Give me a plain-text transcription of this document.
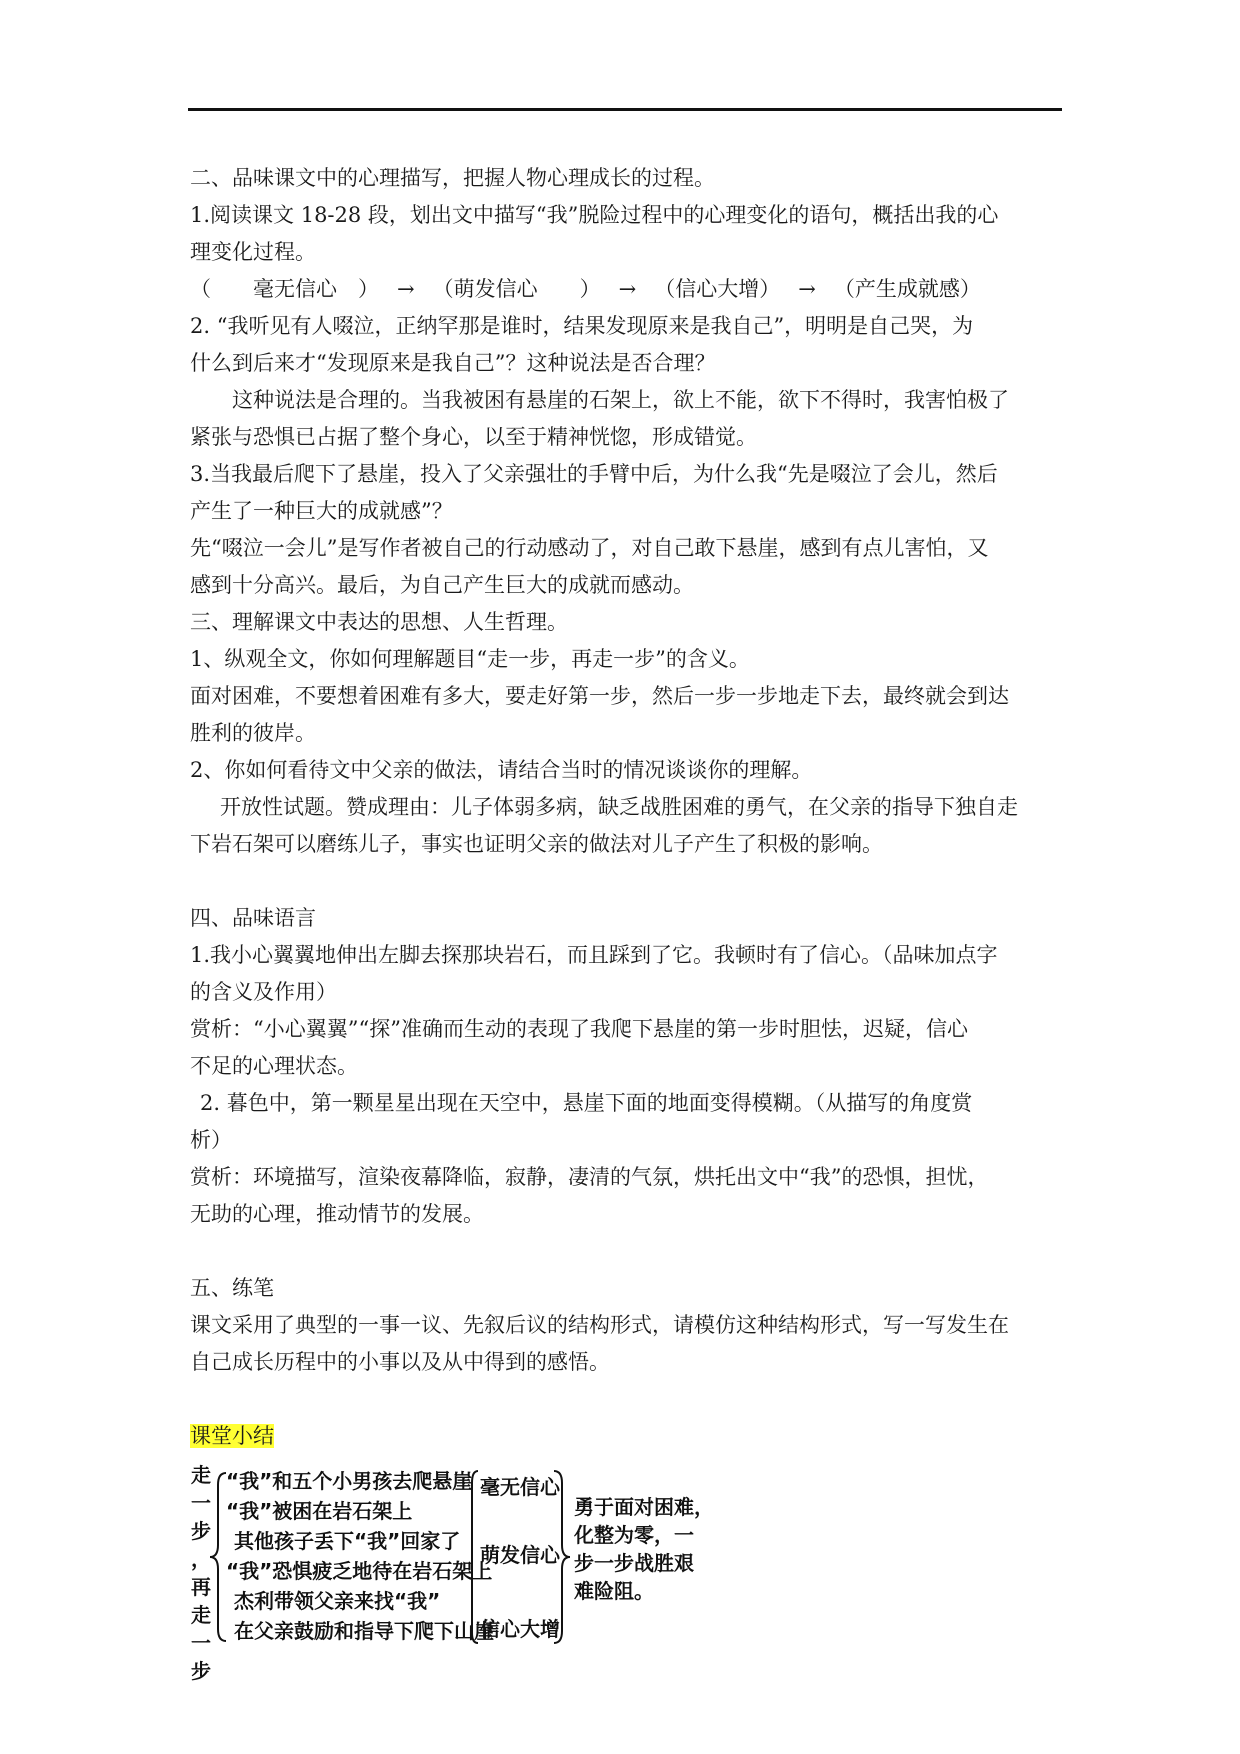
二、品味课文中的心理描写，把握人物心理成长的过程。

1.阅读课文 18-28 段，划出文中描写“我”脱险过程中的心理变化的语句，概括出我的心

理变化过程。

（　　毫无信心　） → （萌发信心　　） → （信心大增） → （产生成就感）

2. “我听见有人啜泣，正纳罕那是谁时，结果发现原来是我自己”，明明是自己哭，为

什么到后来才“发现原来是我自己”？这种说法是否合理？

这种说法是合理的。当我被困有悬崖的石架上，欲上不能，欲下不得时，我害怕极了

紧张与恐惧已占据了整个身心，以至于精神恍惚，形成错觉。

3.当我最后爬下了悬崖，投入了父亲强壮的手臂中后，为什么我“先是啜泣了会儿，然后

产生了一种巨大的成就感”？

先“啜泣一会儿”是写作者被自己的行动感动了，对自己敢下悬崖，感到有点儿害怕，又

感到十分高兴。最后，为自己产生巨大的成就而感动。

三、理解课文中表达的思想、人生哲理。

1、纵观全文，你如何理解题目“走一步，再走一步”的含义。

面对困难，不要想着困难有多大，要走好第一步，然后一步一步地走下去，最终就会到达

胜利的彼岸。

2、你如何看待文中父亲的做法，请结合当时的情况谈谈你的理解。

开放性试题。赞成理由：儿子体弱多病，缺乏战胜困难的勇气，在父亲的指导下独自走

下岩石架可以磨练儿子，事实也证明父亲的做法对儿子产生了积极的影响。

四、品味语言

1.我小心翼翼地伸出左脚去探那块岩石，而且踩到了它。我顿时有了信心。（品味加点字

的含义及作用）

赏析：“小心翼翼”“探”准确而生动的表现了我爬下悬崖的第一步时胆怯，迟疑，信心

不足的心理状态。

2. 暮色中，第一颗星星出现在天空中，悬崖下面的地面变得模糊。（从描写的角度赏

析）

赏析：环境描写，渲染夜幕降临，寂静，凄清的气氛，烘托出文中“我”的恐惧，担忧，

无助的心理，推动情节的发展。

五、练笔

课文采用了典型的一事一议、先叙后议的结构形式，请模仿这种结构形式，写一写发生在

自己成长历程中的小事以及从中得到的感悟。

课堂小结

走
一
步
，
再
走
一
步
“我”和五个小男孩去爬悬崖
“我”被困在岩石架上
其他孩子丢下“我”回家了
“我”恐惧疲乏地待在岩石架上
杰利带领父亲来找“我”
在父亲鼓励和指导下爬下山崖
毫无信心
萌发信心
信心大增
勇于面对困难，
化整为零，一
步一步战胜艰
难险阻。
